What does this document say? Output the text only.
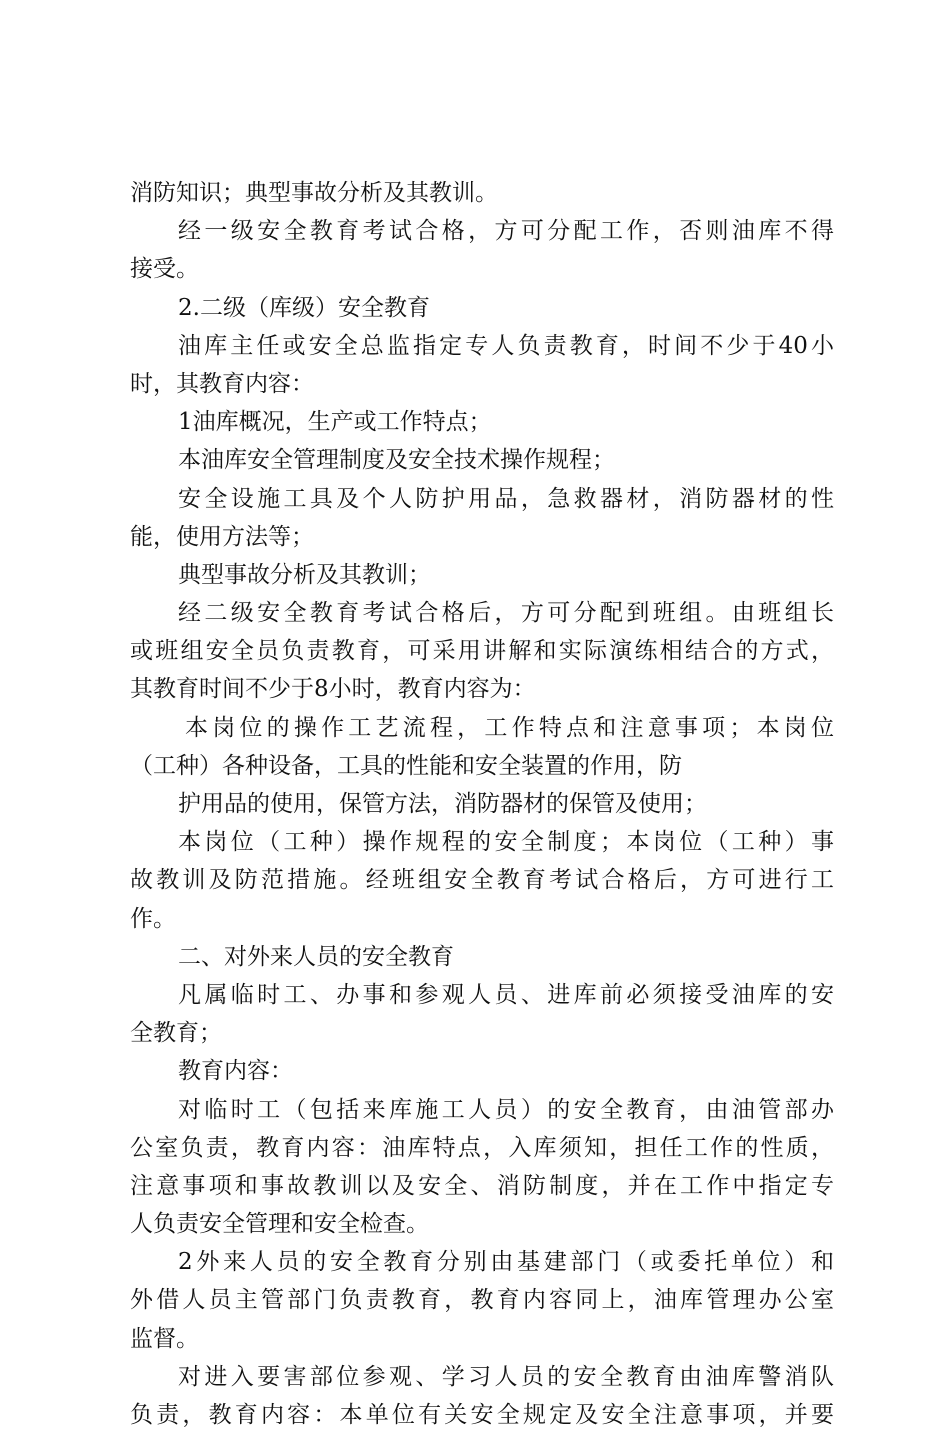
消防知识；典型事故分析及其教训。
经一级安全教育考试合格，方可分配工作，否则油库不得
接受。
2.二级（库级）安全教育
油库主任或安全总监指定专人负责教育，时间不少于40小
时，其教育内容：
1油库概况，生产或工作特点；
本油库安全管理制度及安全技术操作规程；
安全设施工具及个人防护用品，急救器材，消防器材的性
能，使用方法等；
典型事故分析及其教训；
经二级安全教育考试合格后，方可分配到班组。由班组长
或班组安全员负责教育，可采用讲解和实际演练相结合的方式，
其教育时间不少于8小时，教育内容为：
本岗位的操作工艺流程，工作特点和注意事项；本岗位
（工种）各种设备，工具的性能和安全装置的作用，防
护用品的使用，保管方法，消防器材的保管及使用；
本岗位（工种）操作规程的安全制度；本岗位（工种）事
故教训及防范措施。经班组安全教育考试合格后，方可进行工
作。
二、对外来人员的安全教育
凡属临时工、办事和参观人员、进库前必须接受油库的安
全教育；
教育内容：
对临时工（包括来库施工人员）的安全教育，由油管部办
公室负责，教育内容：油库特点，入库须知，担任工作的性质，
注意事项和事故教训以及安全、消防制度，并在工作中指定专
人负责安全管理和安全检查。
2外来人员的安全教育分别由基建部门（或委托单位）和
外借人员主管部门负责教育，教育内容同上，油库管理办公室
监督。
对进入要害部位参观、学习人员的安全教育由油库警消队
负责，教育内容：本单位有关安全规定及安全注意事项，并要
